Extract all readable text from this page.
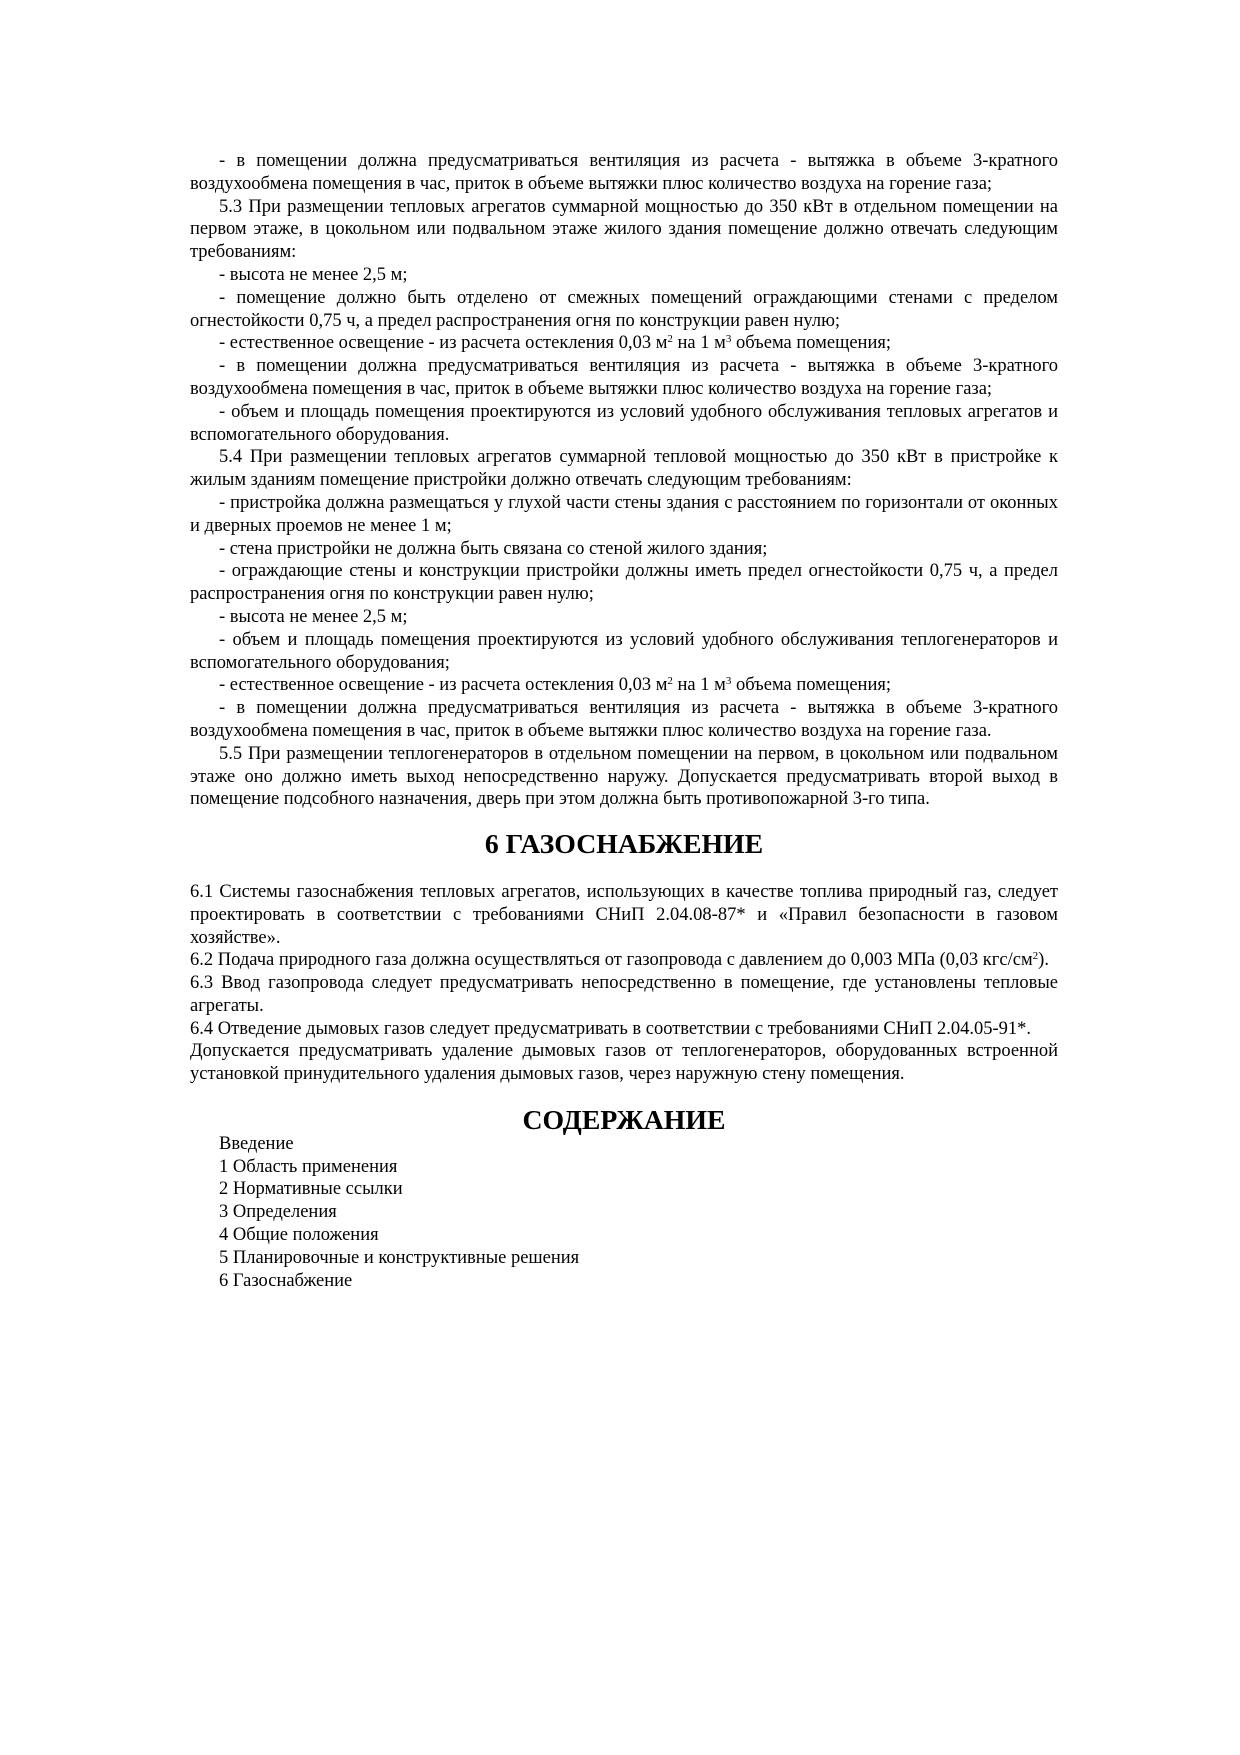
- в помещении должна предусматриваться вентиляция из расчета - вытяжка в объеме 3-кратного воздухообмена помещения в час, приток в объеме вытяжки плюс количество воздуха на горение газа;

5.3 При размещении тепловых агрегатов суммарной мощностью до 350 кВт в отдельном помещении на первом этаже, в цокольном или подвальном этаже жилого здания помещение должно отвечать следующим требованиям:

- высота не менее 2,5 м;

- помещение должно быть отделено от смежных помещений ограждающими стенами с пределом огнестойкости 0,75 ч, а предел распространения огня по конструкции равен нулю;

- естественное освещение - из расчета остекления 0,03 $м^2$ на 1 $м^3$ объема помещения;

- в помещении должна предусматриваться вентиляция из расчета - вытяжка в объеме 3-кратного воздухообмена помещения в час, приток в объеме вытяжки плюс количество воздуха на горение газа;

- объем и площадь помещения проектируются из условий удобного обслуживания тепловых агрегатов и вспомогательного оборудования.

5.4 При размещении тепловых агрегатов суммарной тепловой мощностью до 350 кВт в пристройке к жилым зданиям помещение пристройки должно отвечать следующим требованиям:

- пристройка должна размещаться у глухой части стены здания с расстоянием по горизонтали от оконных и дверных проемов не менее 1 м;

- стена пристройки не должна быть связана со стеной жилого здания;

- ограждающие стены и конструкции пристройки должны иметь предел огнестойкости 0,75 ч, а предел распространения огня по конструкции равен нулю;

- высота не менее 2,5 м;

- объем и площадь помещения проектируются из условий удобного обслуживания теплогенераторов и вспомогательного оборудования;

- естественное освещение - из расчета остекления 0,03 $м^2$ на 1 $м^3$ объема помещения;

- в помещении должна предусматриваться вентиляция из расчета - вытяжка в объеме 3-кратного воздухообмена помещения в час, приток в объеме вытяжки плюс количество воздуха на горение газа.

5.5 При размещении теплогенераторов в отдельном помещении на первом, в цокольном или подвальном этаже оно должно иметь выход непосредственно наружу. Допускается предусматривать второй выход в помещение подсобного назначения, дверь при этом должна быть противопожарной 3-го типа.

6 ГАЗОСНАБЖЕНИЕ

6.1 Системы газоснабжения тепловых агрегатов, использующих в качестве топлива природный газ, следует проектировать в соответствии с требованиями СНиП 2.04.08-87* и «Правил безопасности в газовом хозяйстве».

6.2 Подача природного газа должна осуществляться от газопровода с давлением до 0,003 МПа (0,03 кгс/$см^2$).

6.3 Ввод газопровода следует предусматривать непосредственно в помещение, где установлены тепловые агрегаты.

6.4 Отведение дымовых газов следует предусматривать в соответствии с требованиями СНиП 2.04.05-91*.

Допускается предусматривать удаление дымовых газов от теплогенераторов, оборудованных встроенной установкой принудительного удаления дымовых газов, через наружную стену помещения.

СОДЕРЖАНИЕ
Введение
1 Область применения
2 Нормативные ссылки
3 Определения
4 Общие положения
5 Планировочные и конструктивные решения
6 Газоснабжение
